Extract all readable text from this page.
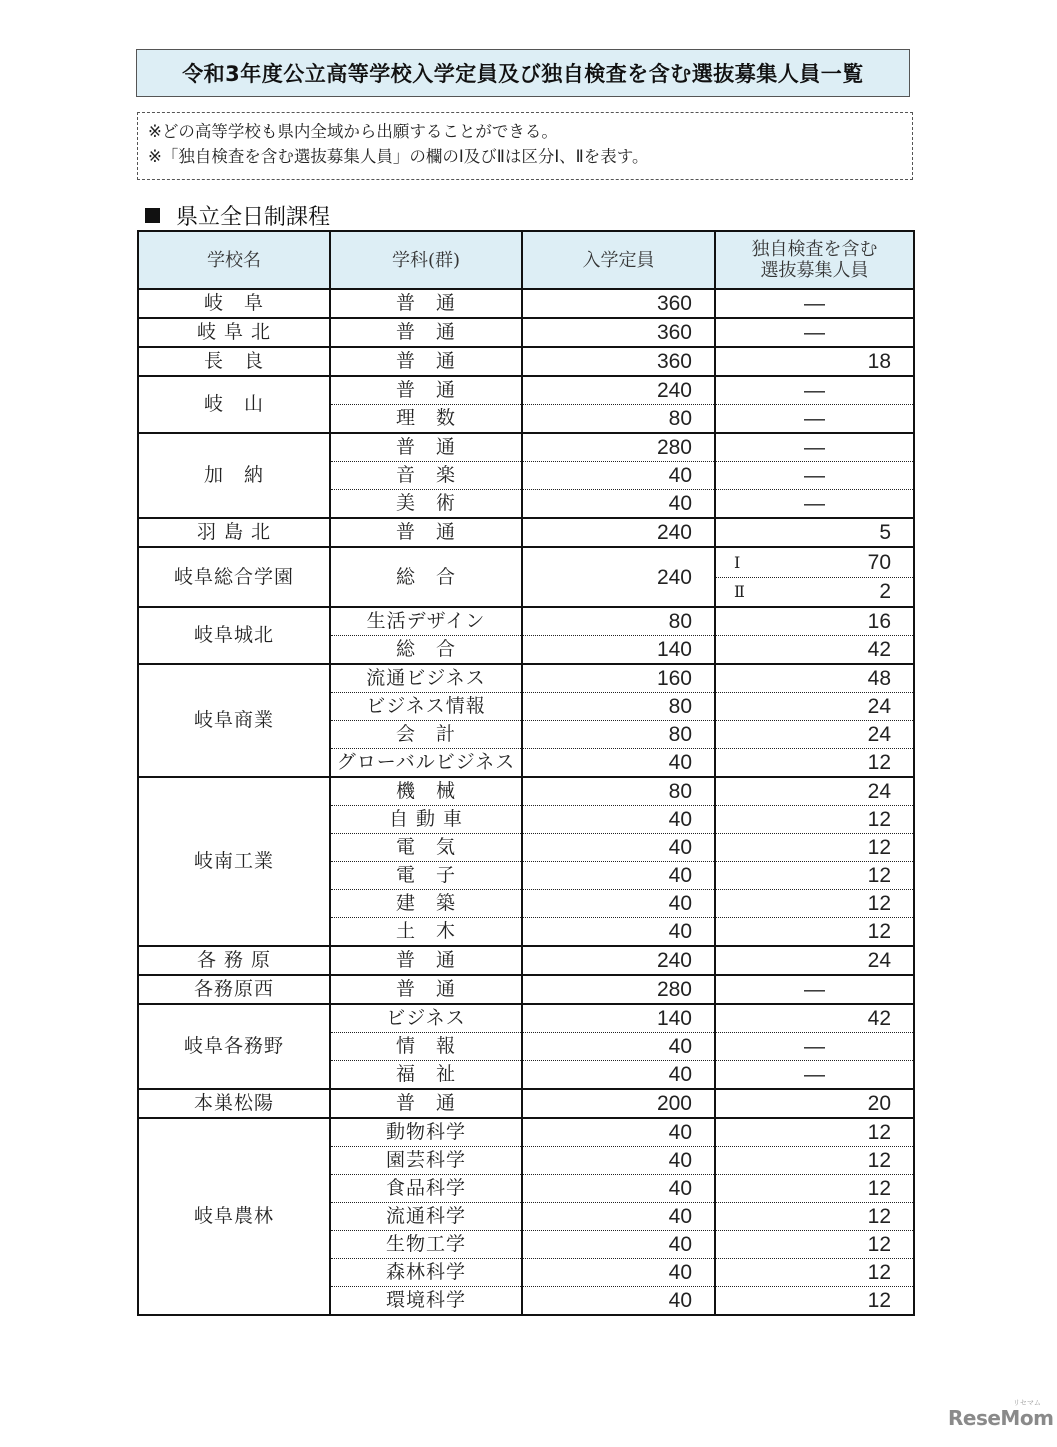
令和3年度公立高等学校入学定員及び独自検査を含む選抜募集人員一覧
※どの高等学校も県内全域から出願することができる。
※「独自検査を含む選抜募集人員」の欄のⅠ及びⅡは区分Ⅰ、Ⅱを表す。
県立全日制課程
学校名	学科(群)	入学定員	独自検査を含む
選抜募集人員

岐　阜	普　通	360	―
岐 阜 北	普　通	360	―
長　良	普　通	360	18
岐　山	普　通	240	―
	理　数	80	―
加　納	普　通	280	―
	音　楽	40	―
	美　術	40	―
羽 島 北	普　通	240	5
岐阜総合学園	総　合	240	Ⅰ 70
Ⅱ 2

岐阜城北	生活デザイン	80	16
	総　合	140	42
岐阜商業	流通ビジネス	160	48
	ビジネス情報	80	24
	会　計	80	24
	グローバルビジネス	40	12
岐南工業	機　械	80	24
	自 動 車	40	12
	電　気	40	12
	電　子	40	12
	建　築	40	12
	土　木	40	12
各 務 原	普　通	240	24
各務原西	普　通	280	―
岐阜各務野	ビジネス	140	42
	情　報	40	―
	福　祉	40	―
本巣松陽	普　通	200	20
岐阜農林	動物科学	40	12
	園芸科学	40	12
	食品科学	40	12
	流通科学	40	12
	生物工学	40	12
	森林科学	40	12
	環境科学	40	12
リセマム
ReseMom
